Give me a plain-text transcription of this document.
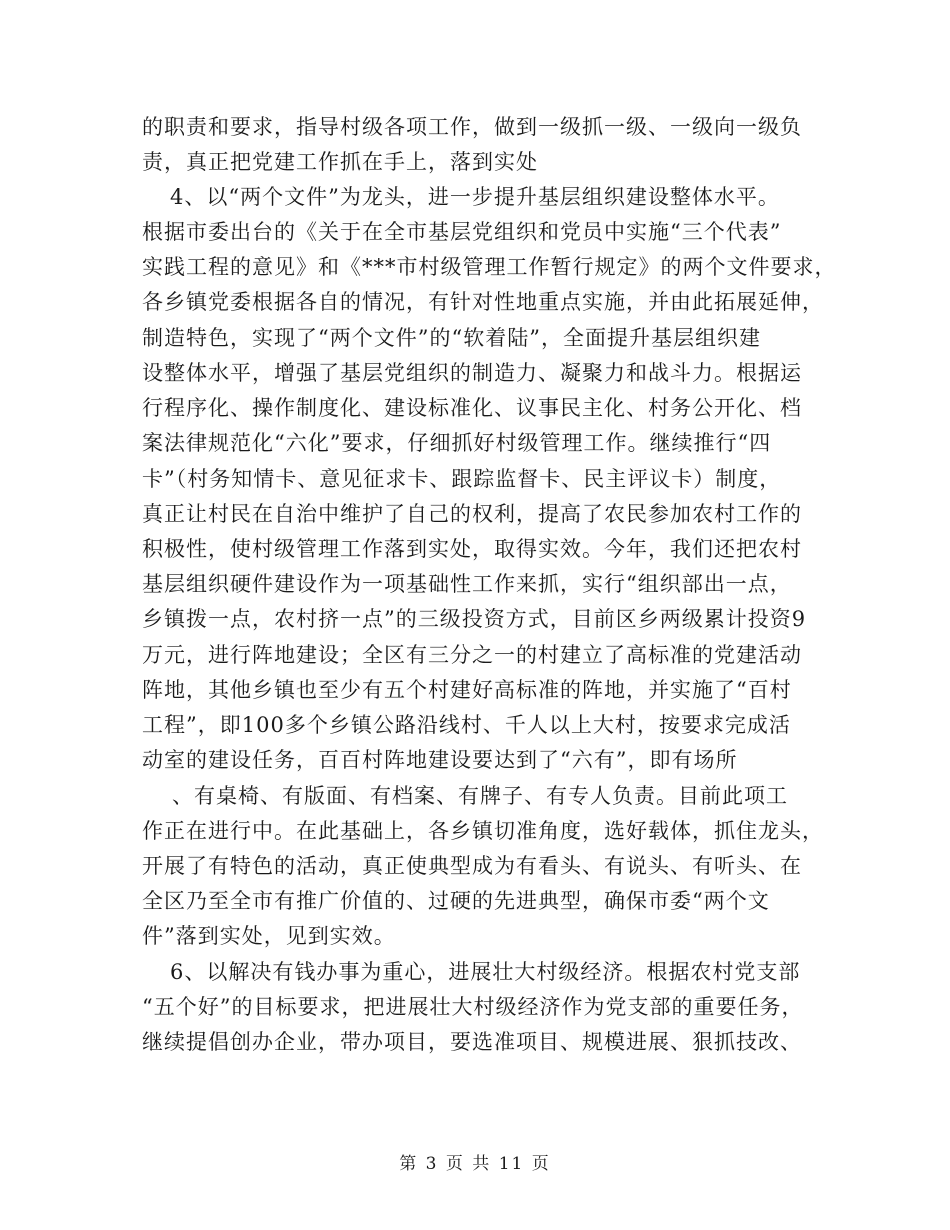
的职责和要求，指导村级各项工作，做到一级抓一级、一级向一级负
责，真正把党建工作抓在手上，落到实处
4、以“两个文件”为龙头，进一步提升基层组织建设整体水平。
根据市委出台的《关于在全市基层党组织和党员中实施“三个代表”
实践工程的意见》和《***市村级管理工作暂行规定》的两个文件要求，
各乡镇党委根据各自的情况，有针对性地重点实施，并由此拓展延伸，
制造特色，实现了“两个文件”的“软着陆”，全面提升基层组织建
设整体水平，增强了基层党组织的制造力、凝聚力和战斗力。根据运
行程序化、操作制度化、建设标准化、议事民主化、村务公开化、档
案法律规范化“六化”要求，仔细抓好村级管理工作。继续推行“四
卡”（村务知情卡、意见征求卡、跟踪监督卡、民主评议卡）制度，
真正让村民在自治中维护了自己的权利，提高了农民参加农村工作的
积极性，使村级管理工作落到实处，取得实效。今年，我们还把农村
基层组织硬件建设作为一项基础性工作来抓，实行“组织部出一点，
乡镇拨一点，农村挤一点”的三级投资方式，目前区乡两级累计投资9
万元，进行阵地建设；全区有三分之一的村建立了高标准的党建活动
阵地，其他乡镇也至少有五个村建好高标准的阵地，并实施了“百村
工程”，即100多个乡镇公路沿线村、千人以上大村，按要求完成活
动室的建设任务，百百村阵地建设要达到了“六有”，即有场所
、有桌椅、有版面、有档案、有牌子、有专人负责。目前此项工
作正在进行中。在此基础上，各乡镇切准角度，选好载体，抓住龙头，
开展了有特色的活动，真正使典型成为有看头、有说头、有听头、在
全区乃至全市有推广价值的、过硬的先进典型，确保市委“两个文
件”落到实处，见到实效。
6、以解决有钱办事为重心，进展壮大村级经济。根据农村党支部
“五个好”的目标要求，把进展壮大村级经济作为党支部的重要任务，
继续提倡创办企业，带办项目，要选准项目、规模进展、狠抓技改、
第 3 页 共 11 页
